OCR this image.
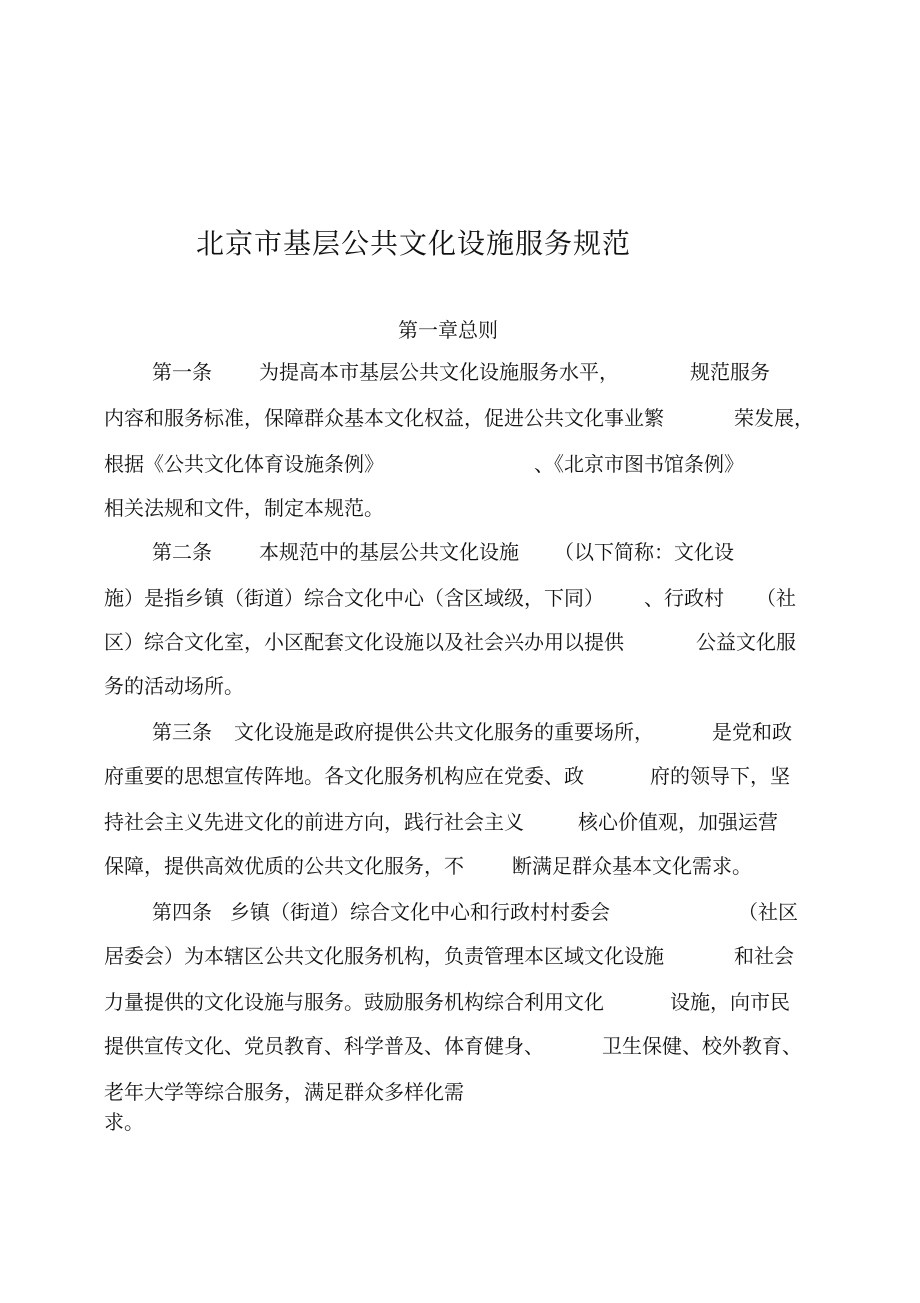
北京市基层公共文化设施服务规范
第一章总则
第一条 为提高本市基层公共文化设施服务水平，	规范服务
内容和服务标准，保障群众基本文化权益，促进公共文化事业繁	荣发展，
根据《公共文化体育设施条例》	、《北京市图书馆条例》
相关法规和文件，制定本规范。
第二条 本规范中的基层公共文化设施 （以下简称：文化设
施）是指乡镇（街道）综合文化中心（含区域级，下同） 、行政村 （社
区）综合文化室，小区配套文化设施以及社会兴办用以提供	公益文化服
务的活动场所。
第三条 文化设施是政府提供公共文化服务的重要场所，	是党和政
府重要的思想宣传阵地。各文化服务机构应在党委、政	府的领导下，坚
持社会主义先进文化的前进方向，践行社会主义	核心价值观，加强运营
保障，提供高效优质的公共文化服务，不 断满足群众基本文化需求。
第四条 乡镇（街道）综合文化中心和行政村村委会	（社区
居委会）为本辖区公共文化服务机构，负责管理本区域文化设施	和社会
力量提供的文化设施与服务。豉励服务机构综合利用文化	设施，向市民
提供宣传文化、党员教育、科学普及、体育健身、	卫生保健、校外教育、
老年大学等综合服务，满足群众多样化需
求。
